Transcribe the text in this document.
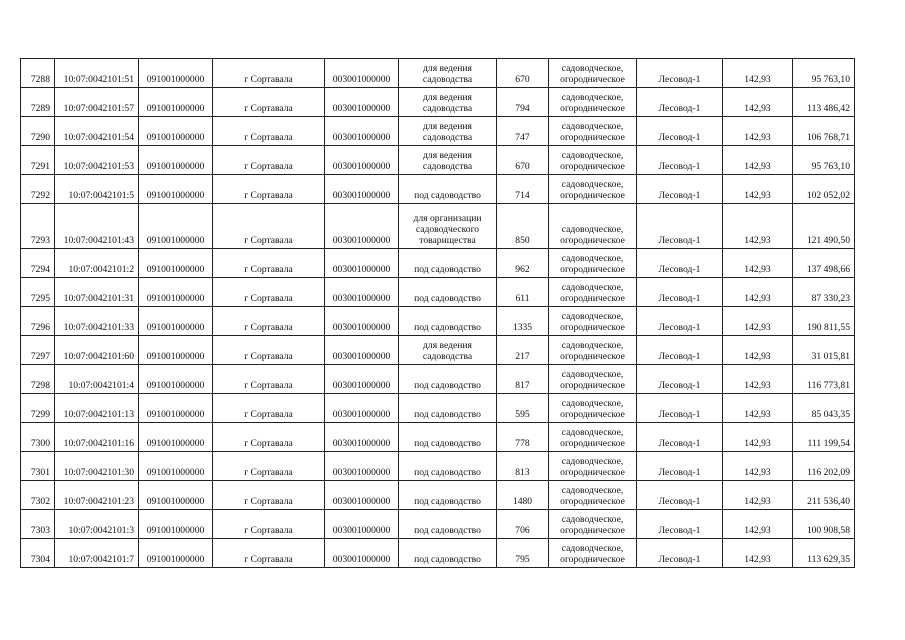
7288	10:07:0042101:51	091001000000	г Сортавала	003001000000	для ведения
садоводства	670	садоводческое,
огородническое	Лесовод-1	142,93	95 763,10
7289	10:07:0042101:57	091001000000	г Сортавала	003001000000	для ведения
садоводства	794	садоводческое,
огородническое	Лесовод-1	142,93	113 486,42
7290	10:07:0042101:54	091001000000	г Сортавала	003001000000	для ведения
садоводства	747	садоводческое,
огородническое	Лесовод-1	142,93	106 768,71
7291	10:07:0042101:53	091001000000	г Сортавала	003001000000	для ведения
садоводства	670	садоводческое,
огородническое	Лесовод-1	142,93	95 763,10
7292	10:07:0042101:5	091001000000	г Сортавала	003001000000	под садоводство	714	садоводческое,
огородническое	Лесовод-1	142,93	102 052,02
7293	10:07:0042101:43	091001000000	г Сортавала	003001000000	для организации
садоводческого
товарищества	850	садоводческое,
огородническое	Лесовод-1	142,93	121 490,50
7294	10:07:0042101:2	091001000000	г Сортавала	003001000000	под садоводство	962	садоводческое,
огородническое	Лесовод-1	142,93	137 498,66
7295	10:07:0042101:31	091001000000	г Сортавала	003001000000	под садоводство	611	садоводческое,
огородническое	Лесовод-1	142,93	87 330,23
7296	10:07:0042101:33	091001000000	г Сортавала	003001000000	под садоводство	1335	садоводческое,
огородническое	Лесовод-1	142,93	190 811,55
7297	10:07:0042101:60	091001000000	г Сортавала	003001000000	для ведения
садоводства	217	садоводческое,
огородническое	Лесовод-1	142,93	31 015,81
7298	10:07:0042101:4	091001000000	г Сортавала	003001000000	под садоводство	817	садоводческое,
огородническое	Лесовод-1	142,93	116 773,81
7299	10:07:0042101:13	091001000000	г Сортавала	003001000000	под садоводство	595	садоводческое,
огородническое	Лесовод-1	142,93	85 043,35
7300	10:07:0042101:16	091001000000	г Сортавала	003001000000	под садоводство	778	садоводческое,
огородническое	Лесовод-1	142,93	111 199,54
7301	10:07:0042101:30	091001000000	г Сортавала	003001000000	под садоводство	813	садоводческое,
огородническое	Лесовод-1	142,93	116 202,09
7302	10:07:0042101:23	091001000000	г Сортавала	003001000000	под садоводство	1480	садоводческое,
огородническое	Лесовод-1	142,93	211 536,40
7303	10:07:0042101:3	091001000000	г Сортавала	003001000000	под садоводство	706	садоводческое,
огородническое	Лесовод-1	142,93	100 908,58
7304	10:07:0042101:7	091001000000	г Сортавала	003001000000	под садоводство	795	садоводческое,
огородническое	Лесовод-1	142,93	113 629,35
